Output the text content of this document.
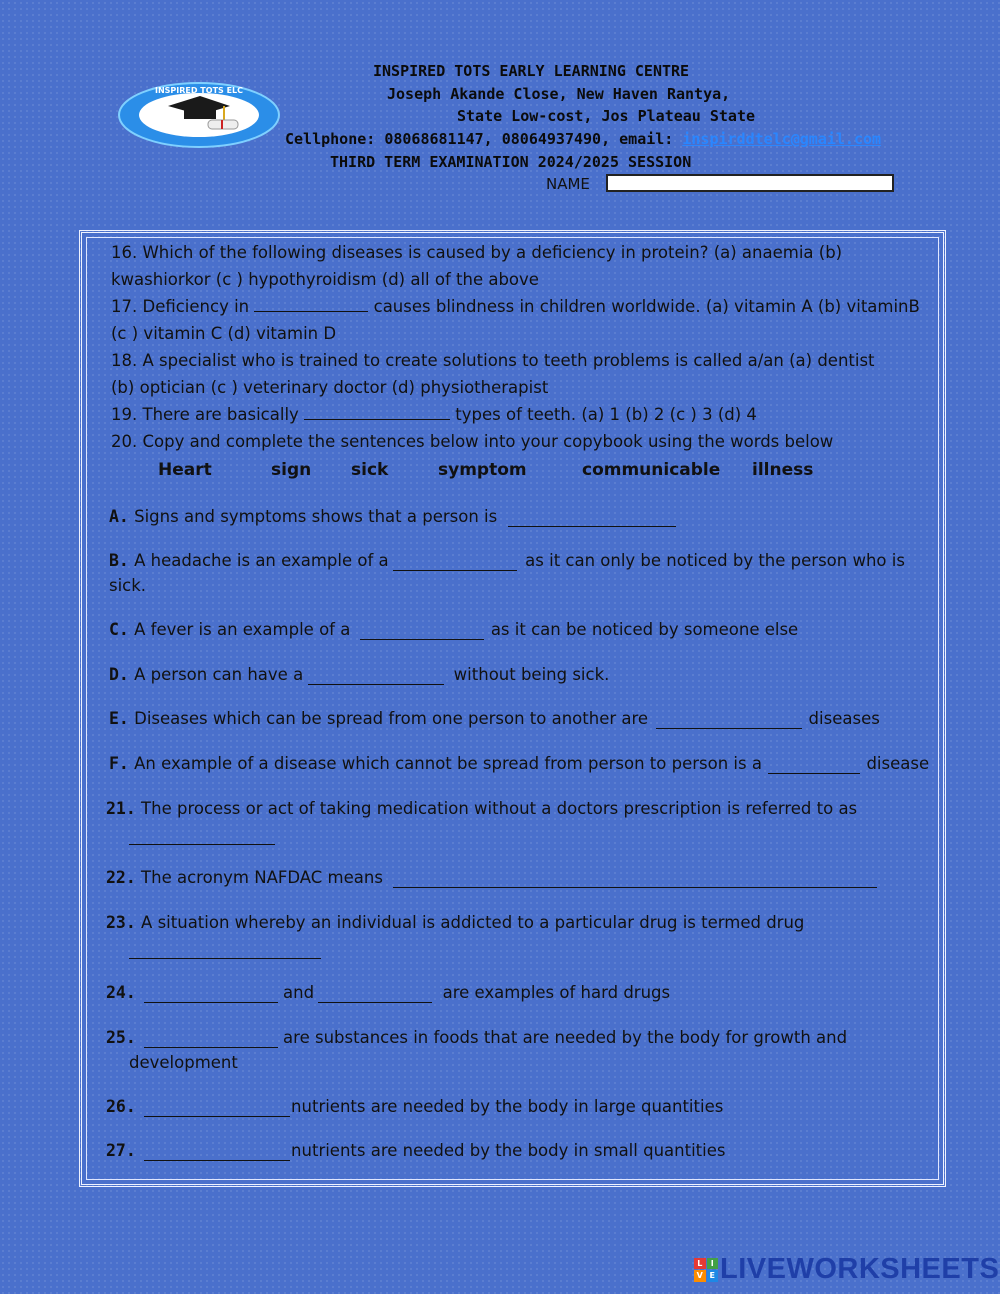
INSPIRED TOTS ELC
INSPIRED TOTS EARLY LEARNING CENTRE
Joseph Akande Close, New Haven Rantya,
State Low-cost, Jos Plateau State
Cellphone: 08068681147, 08064937490, email: inspirddtelc@gmail.com
THIRD TERM EXAMINATION 2024/2025 SESSION
NAME
16. Which of the following diseases is caused by a deficiency in protein? (a) anaemia (b)
kwashiorkor (c ) hypothyroidism (d) all of the above
17. Deficiency in	causes blindness in children worldwide. (a) vitamin A (b) vitaminB
(c ) vitamin C (d) vitamin D
18. A specialist who is trained to create solutions to teeth problems is called a/an (a) dentist
(b) optician (c ) veterinary doctor (d) physiotherapist
19. There are basically	types of teeth. (a) 1 (b) 2 (c ) 3 (d) 4
20. Copy and complete the sentences below into your copybook using the words below
Heart	sign sick	symptom	communicable illness
A. Signs and symptoms shows that a person is
B. A headache is an example of a	as it can only be noticed by the person who is
sick.
C. A fever is an example of a	as it can be noticed by someone else
D. A person can have a	without being sick.
E. Diseases which can be spread from one person to another are	diseases
F. An example of a disease which cannot be spread from person to person is a	disease
21. The process or act of taking medication without a doctors prescription is referred to as
22. The acronym NAFDAC means
23. A situation whereby an individual is addicted to a particular drug is termed drug
24.	and	are examples of hard drugs
25.	are substances in foods that are needed by the body for growth and
development
26.	nutrients are needed by the body in large quantities
27.	nutrients are needed by the body in small quantities
L	I
V E LIVEWORKSHEETS
